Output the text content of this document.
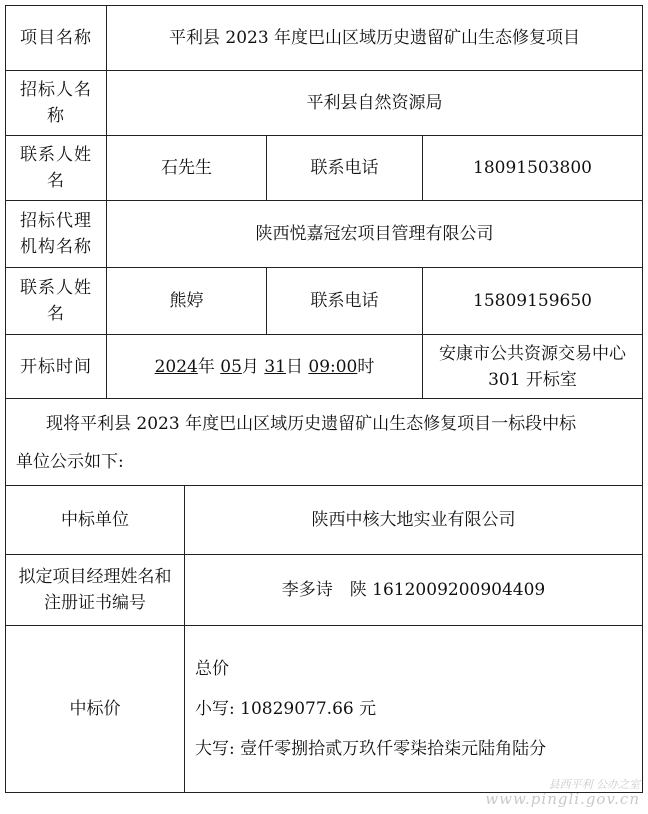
项目名称	平利县 2023 年度巴山区域历史遗留矿山生态修复项目			
招标人名称	平利县自然资源局			
联系人姓名	石先生		联系电话	18091503800
招标代理机构名称	陕西悦嘉冠宏项目管理有限公司			
联系人姓名	熊婷		联系电话	15809159650
开标时间	2024年 05月 31日 09:00时			安康市公共资源交易中心
301 开标室

现将平利县 2023 年度巴山区域历史遗留矿山生态修复项目一标段中标
单位公示如下:				

中标单位		陕西中核大地实业有限公司		
拟定项目经理姓名和注册证书编号		李多诗　陕 1612009200904409		
中标价		总价
小写: 10829077.66 元
大写: 壹仟零捌拾贰万玖仟零柒拾柒元陆角陆分		
县西平利 公办之室
www.pingli.gov.cn
